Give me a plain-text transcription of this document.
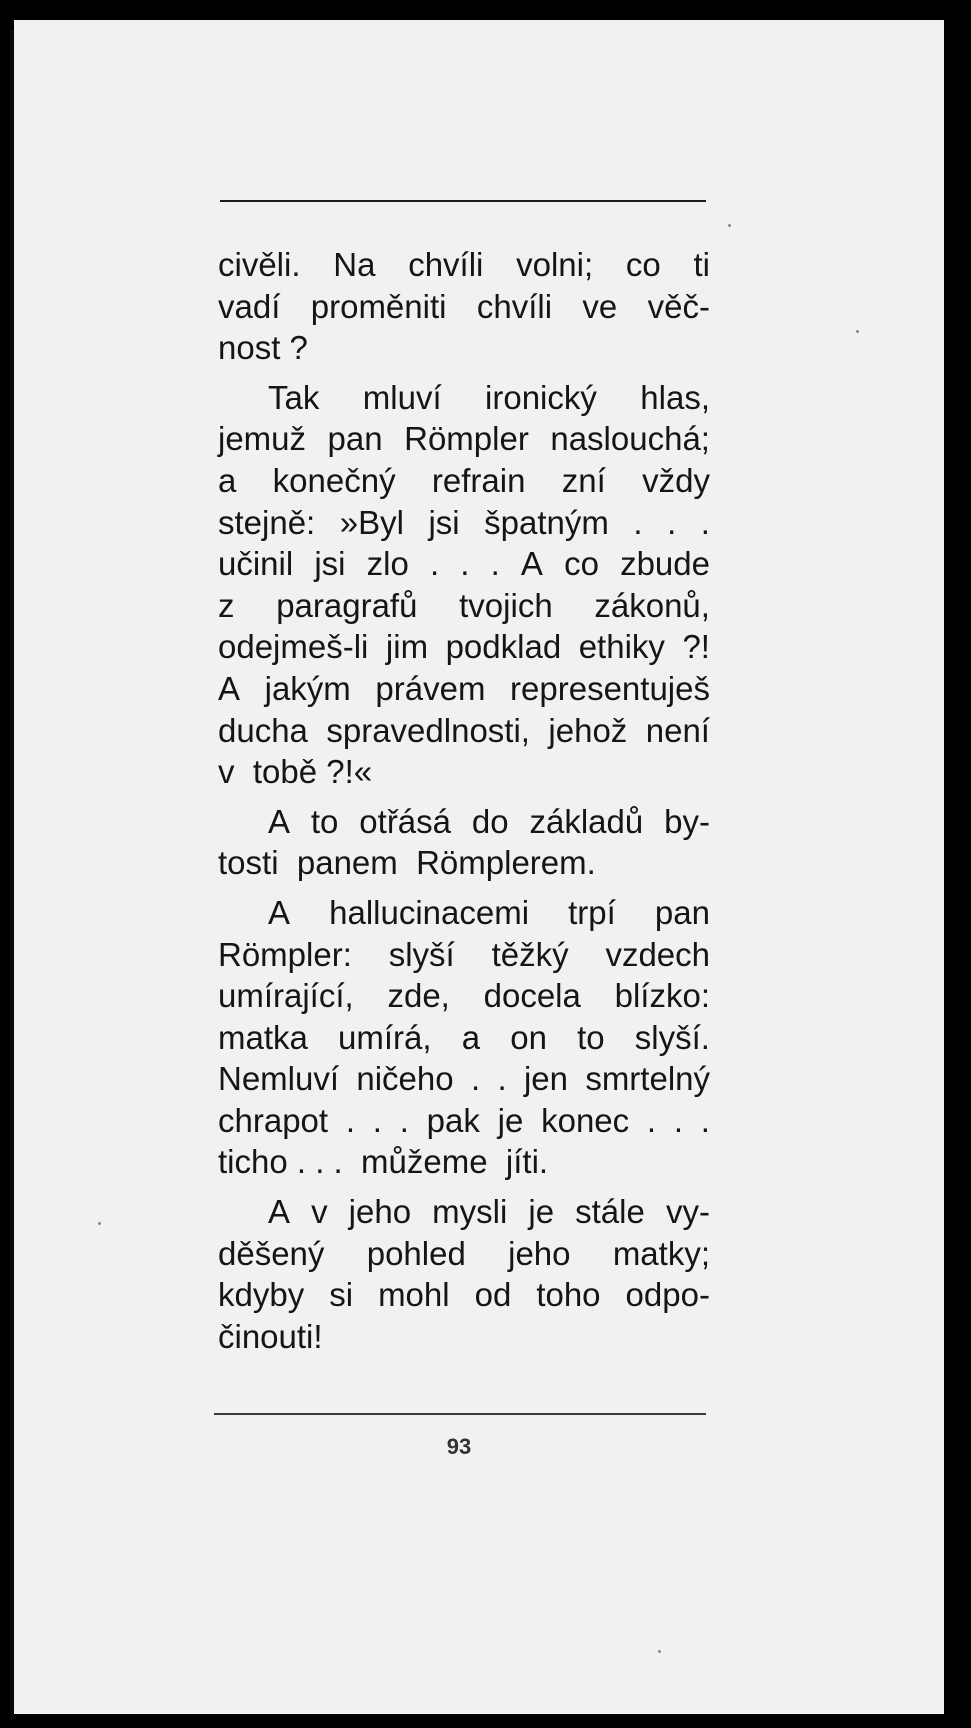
civěli. Na chvíli volni; co ti
vadí proměniti chvíli ve věč-
nost ?
Tak mluví ironický hlas,
jemuž pan Römpler naslouchá;
a konečný refrain zní vždy
stejně: »Byl jsi špatným . . .
učinil jsi zlo . . . A co zbude
z paragrafů tvojich zákonů,
odejmeš-li jim podklad ethiky ?!
A jakým právem representuješ
ducha spravedlnosti, jehož není
v  tobě ?!«
A to otřásá do základů by-
tosti  panem  Römplerem.
A hallucinacemi trpí pan
Römpler: slyší těžký vzdech
umírající, zde, docela blízko:
matka umírá, a on to slyší.
Nemluví ničeho . . jen smrtelný
chrapot . . . pak je konec . . .
ticho . . .  můžeme  jíti.
A v jeho mysli je stále vy-
děšený pohled jeho matky;
kdyby si mohl od toho odpo-
činouti!
93
